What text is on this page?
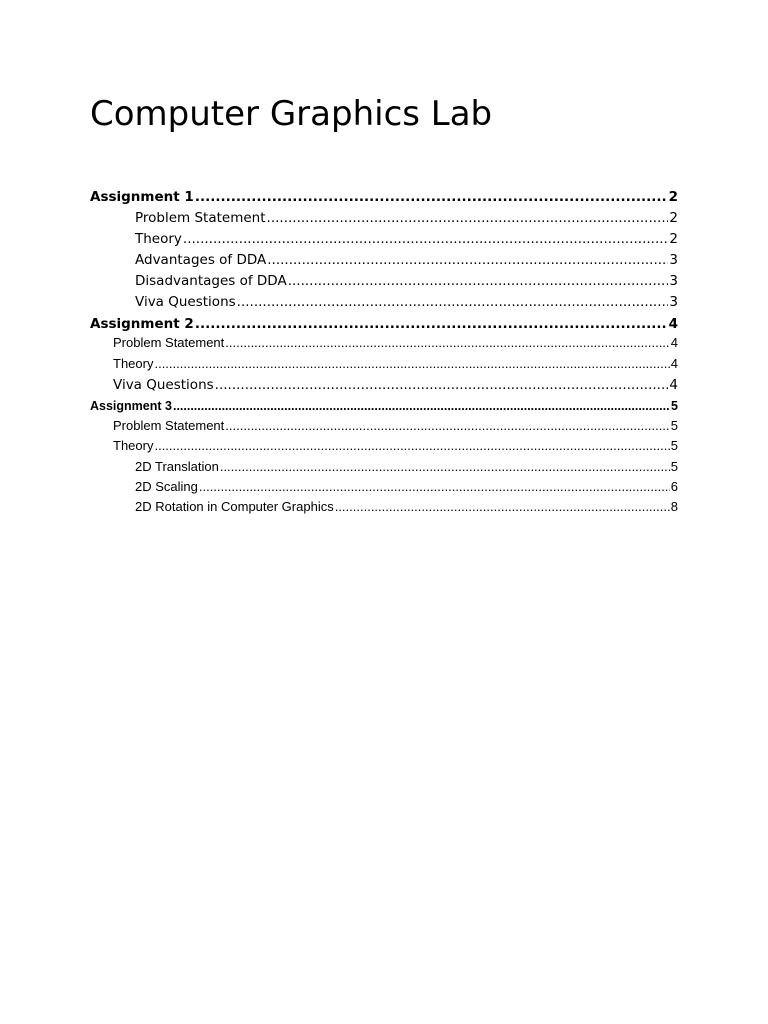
Computer Graphics Lab
Assignment 1 .....	2
Problem Statement .....	2
Theory .....	2
Advantages of DDA .....	3
Disadvantages of DDA .....	3
Viva Questions .....	3
Assignment 2 .....	4
Problem Statement .....	4
Theory .....	4
Viva Questions .....	4
Assignment 3 .....	5
Problem Statement .....	5
Theory .....	5
2D Translation .....	5
2D Scaling .....	6
2D Rotation in Computer Graphics .....	8
